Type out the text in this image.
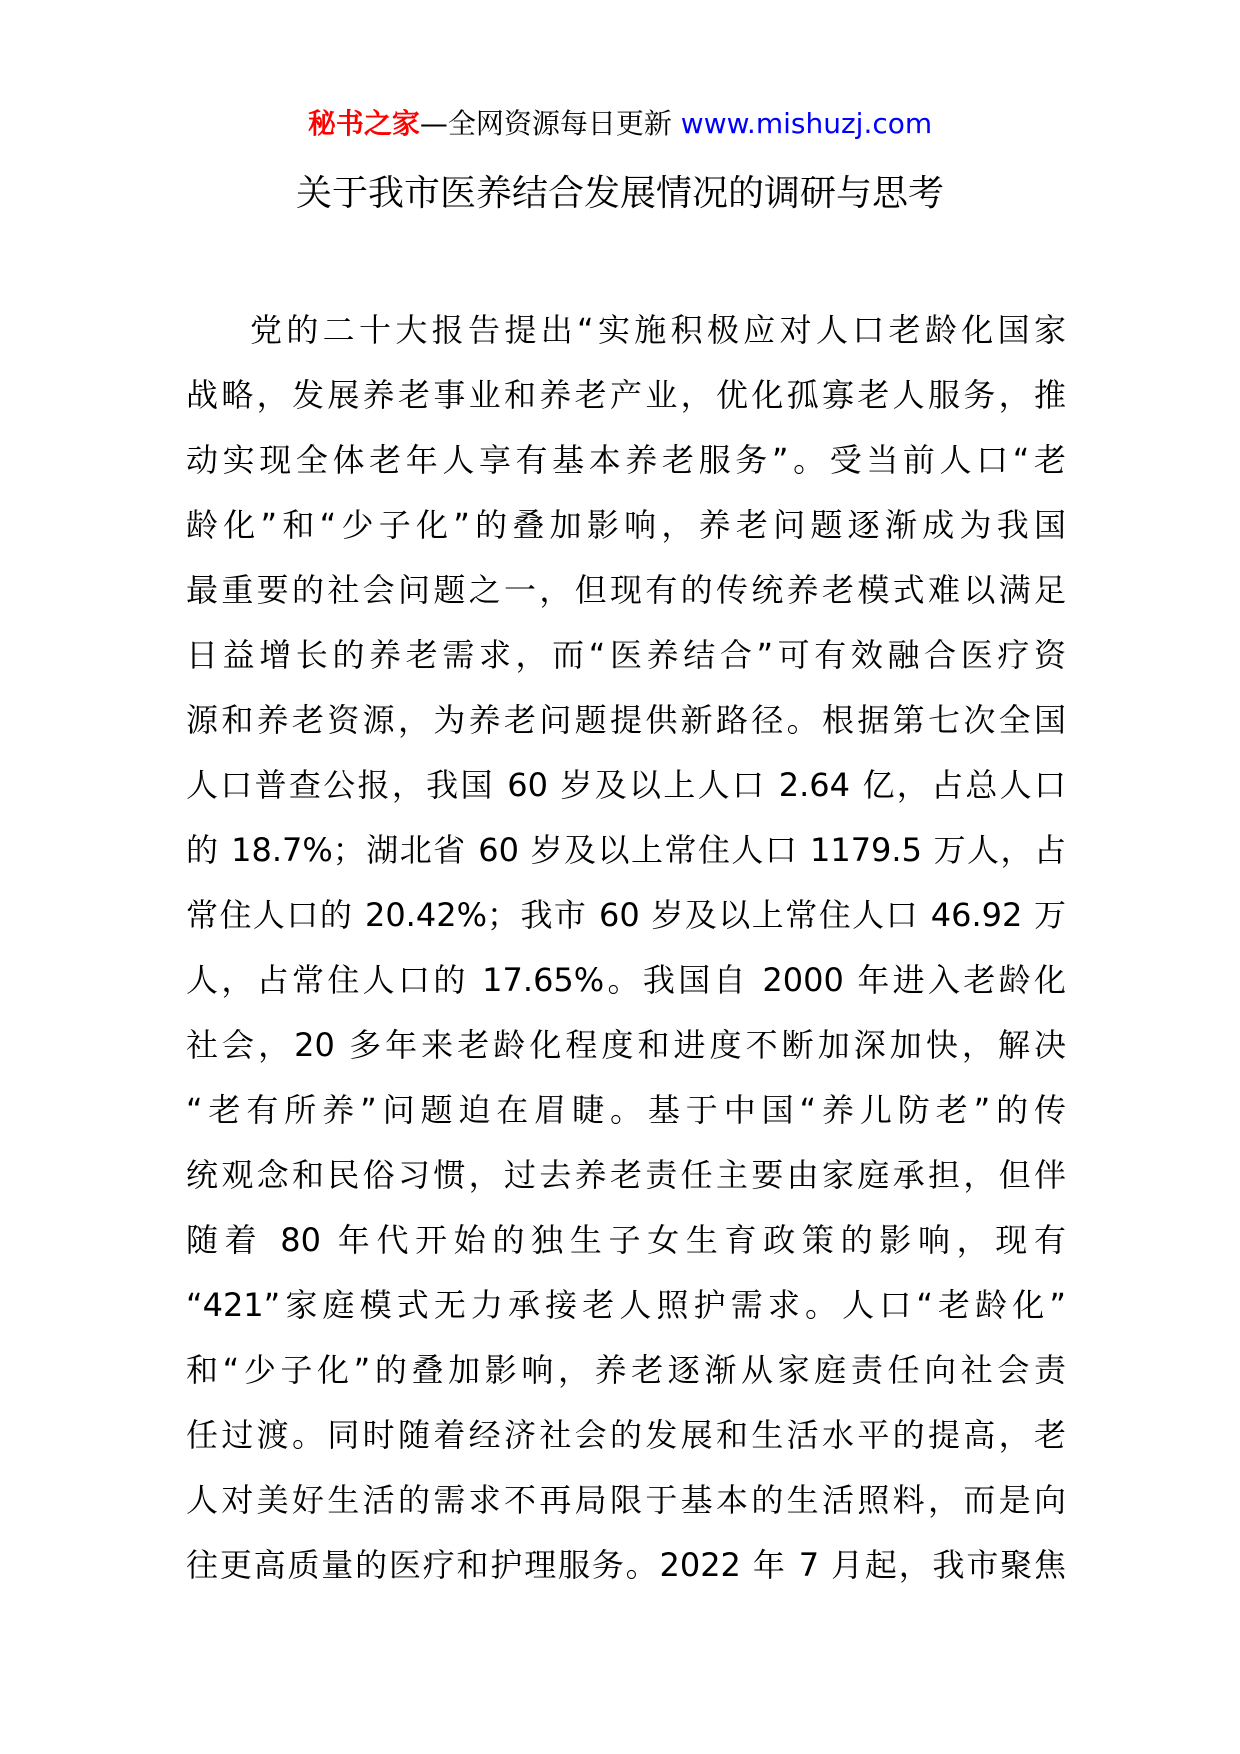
秘书之家—全网资源每日更新 www.mishuzj.com
关于我市医养结合发展情况的调研与思考
党的二十大报告提出“实施积极应对人口老龄化国家
战略，发展养老事业和养老产业，优化孤寡老人服务，推
动实现全体老年人享有基本养老服务”。受当前人口“老
龄化”和“少子化”的叠加影响，养老问题逐渐成为我国
最重要的社会问题之一，但现有的传统养老模式难以满足
日益增长的养老需求，而“医养结合”可有效融合医疗资
源和养老资源，为养老问题提供新路径。根据第七次全国
人口普查公报，我国 60 岁及以上人口 2.64 亿，占总人口
的 18.7%；湖北省 60 岁及以上常住人口 1179.5 万人，占
常住人口的 20.42%；我市 60 岁及以上常住人口 46.92 万
人，占常住人口的 17.65%。我国自 2000 年进入老龄化
社会，20 多年来老龄化程度和进度不断加深加快，解决
“老有所养”问题迫在眉睫。基于中国“养儿防老”的传
统观念和民俗习惯，过去养老责任主要由家庭承担，但伴
随着 80 年代开始的独生子女生育政策的影响，现有
“421”家庭模式无力承接老人照护需求。人口“老龄化”
和“少子化”的叠加影响，养老逐渐从家庭责任向社会责
任过渡。同时随着经济社会的发展和生活水平的提高，老
人对美好生活的需求不再局限于基本的生活照料，而是向
往更高质量的医疗和护理服务。2022 年 7 月起，我市聚焦
